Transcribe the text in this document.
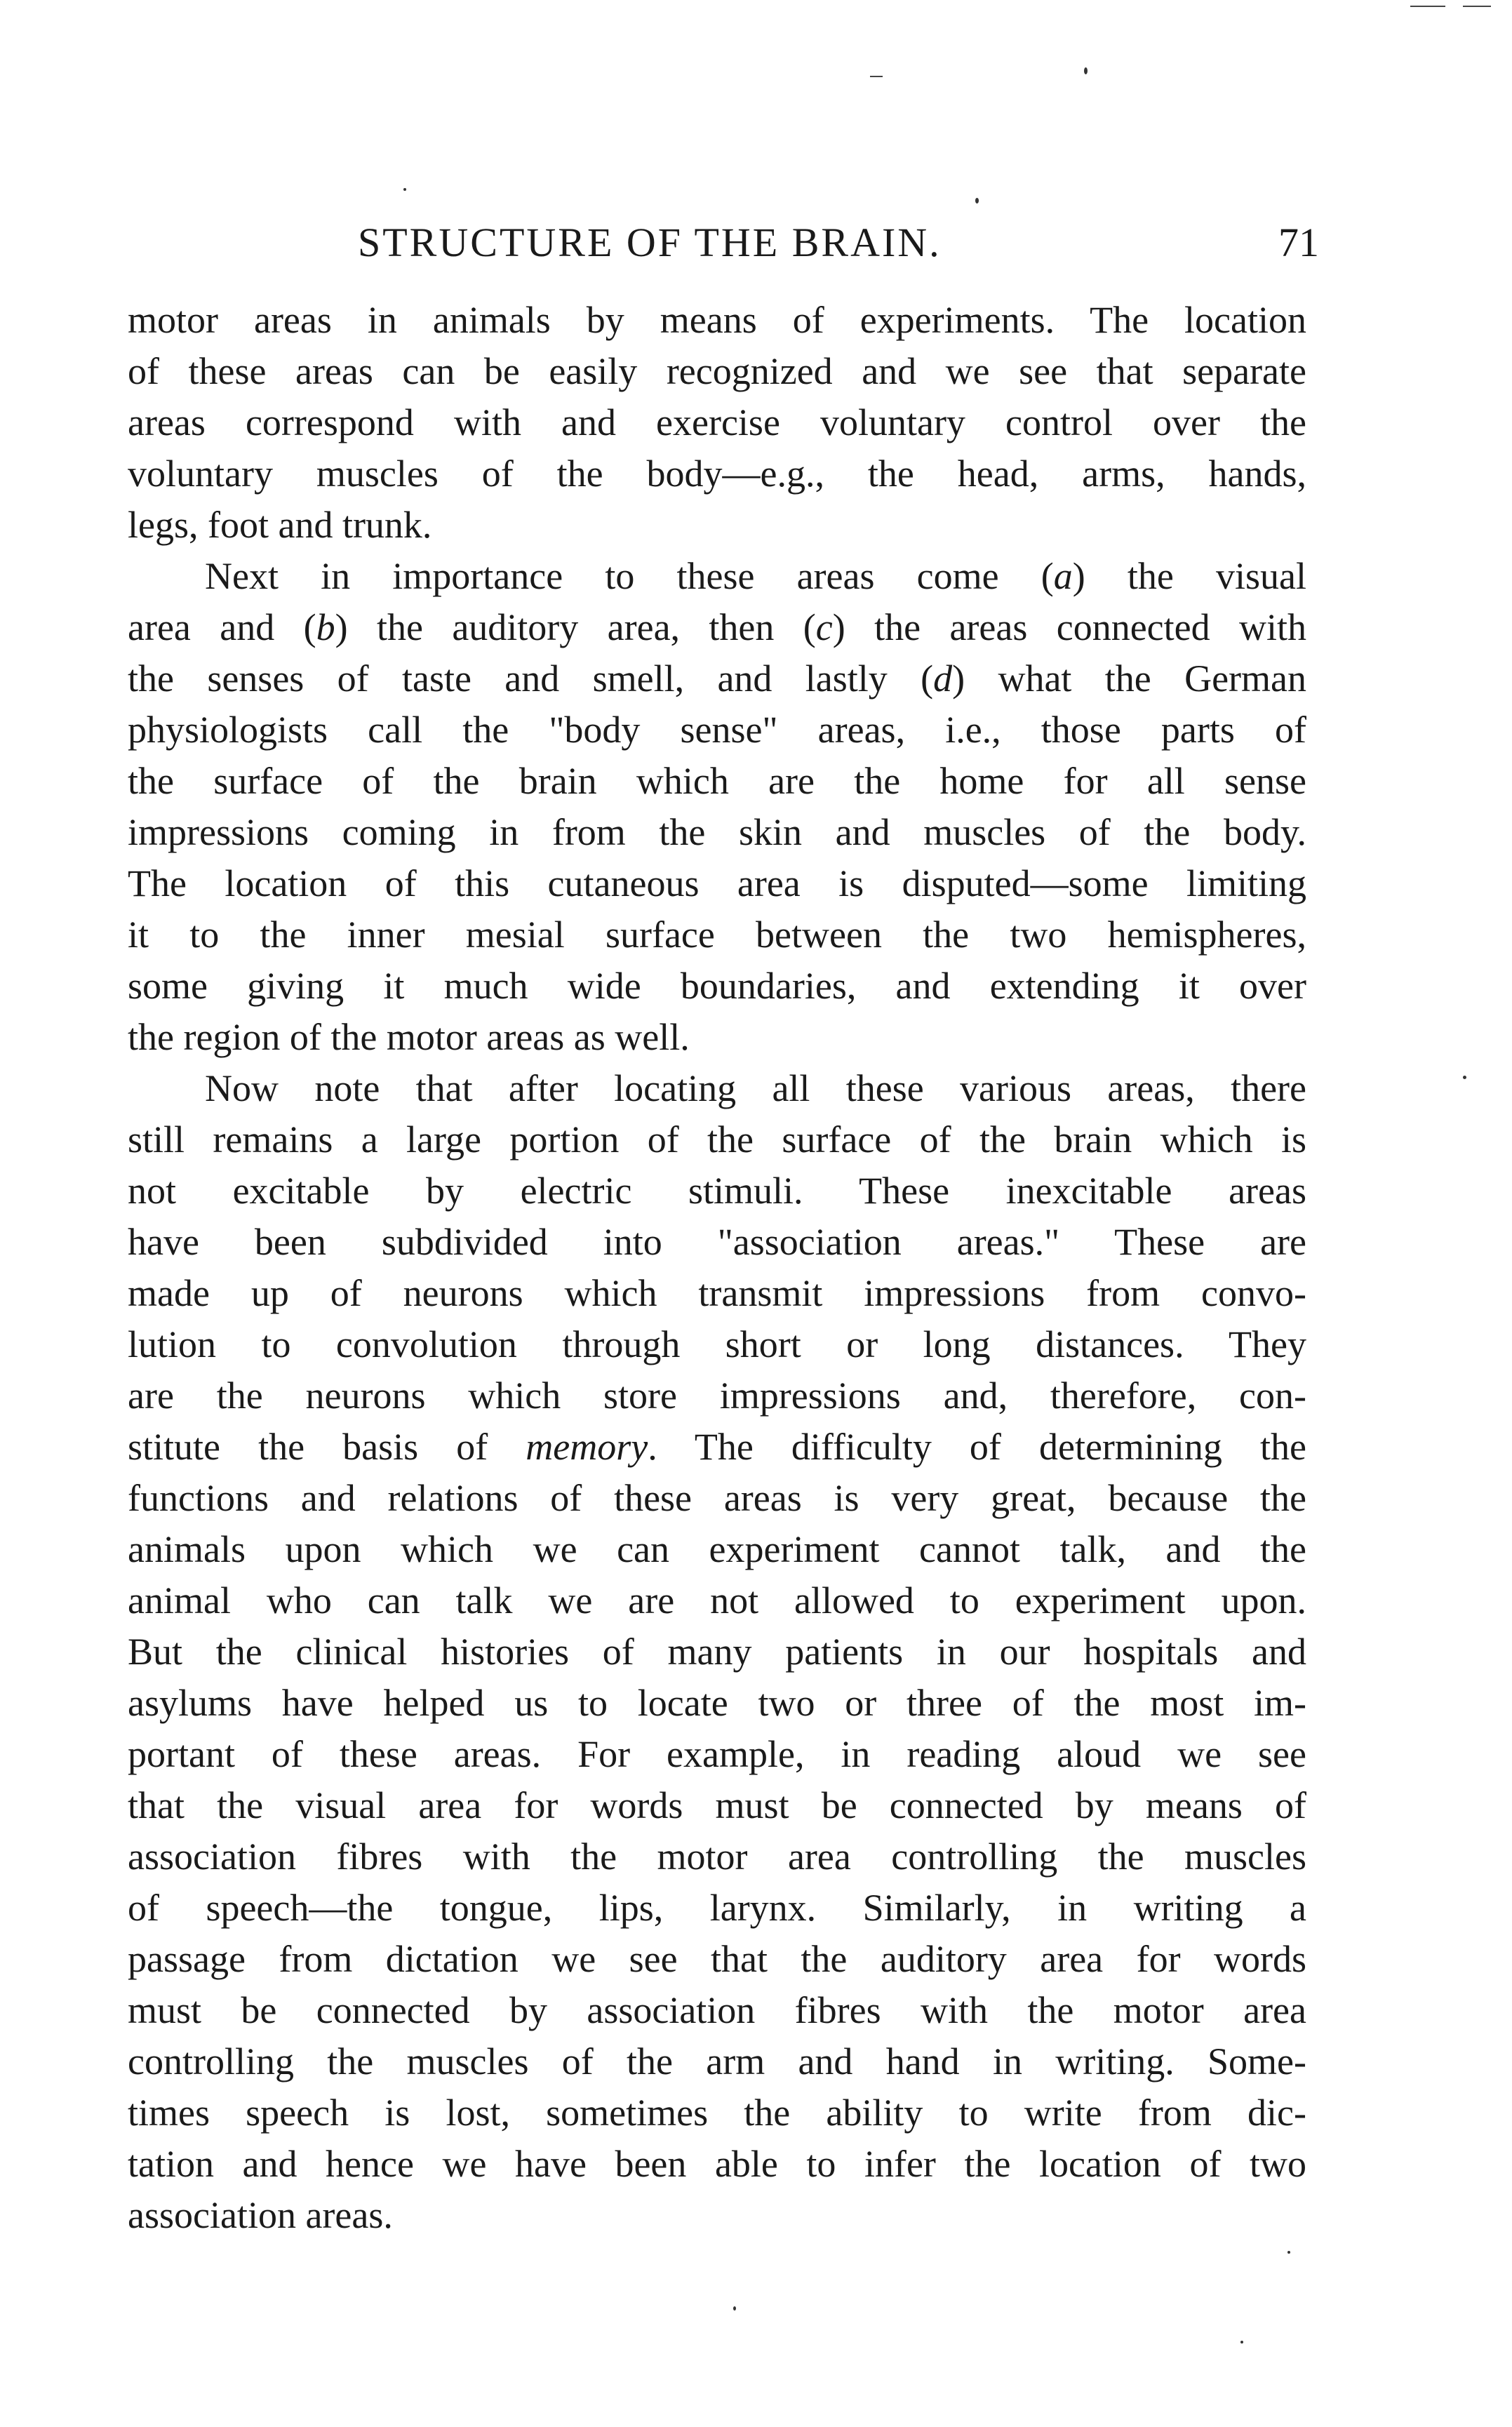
STRUCTURE OF THE BRAIN.	71
motor areas in animals by means of experiments. The location
of these areas can be easily recognized and we see that separate
areas correspond with and exercise voluntary control over the
voluntary muscles of the body—e.g., the head, arms, hands,
legs, foot and trunk.
Next in importance to these areas come (a) the visual
area and (b) the auditory area, then (c) the areas connected with
the senses of taste and smell, and lastly (d) what the German
physiologists call the "body sense" areas, i.e., those parts of
the surface of the brain which are the home for all sense
impressions coming in from the skin and muscles of the body.
The location of this cutaneous area is disputed—some limiting
it to the inner mesial surface between the two hemispheres,
some giving it much wide boundaries, and extending it over
the region of the motor areas as well.
Now note that after locating all these various areas, there
still remains a large portion of the surface of the brain which is
not excitable by electric stimuli. These inexcitable areas
have been subdivided into "association areas." These are
made up of neurons which transmit impressions from convo-
lution to convolution through short or long distances. They
are the neurons which store impressions and, therefore, con-
stitute the basis of memory. The difficulty of determining the
functions and relations of these areas is very great, because the
animals upon which we can experiment cannot talk, and the
animal who can talk we are not allowed to experiment upon.
But the clinical histories of many patients in our hospitals and
asylums have helped us to locate two or three of the most im-
portant of these areas. For example, in reading aloud we see
that the visual area for words must be connected by means of
association fibres with the motor area controlling the muscles
of speech—the tongue, lips, larynx. Similarly, in writing a
passage from dictation we see that the auditory area for words
must be connected by association fibres with the motor area
controlling the muscles of the arm and hand in writing. Some-
times speech is lost, sometimes the ability to write from dic-
tation and hence we have been able to infer the location of two
association areas.
